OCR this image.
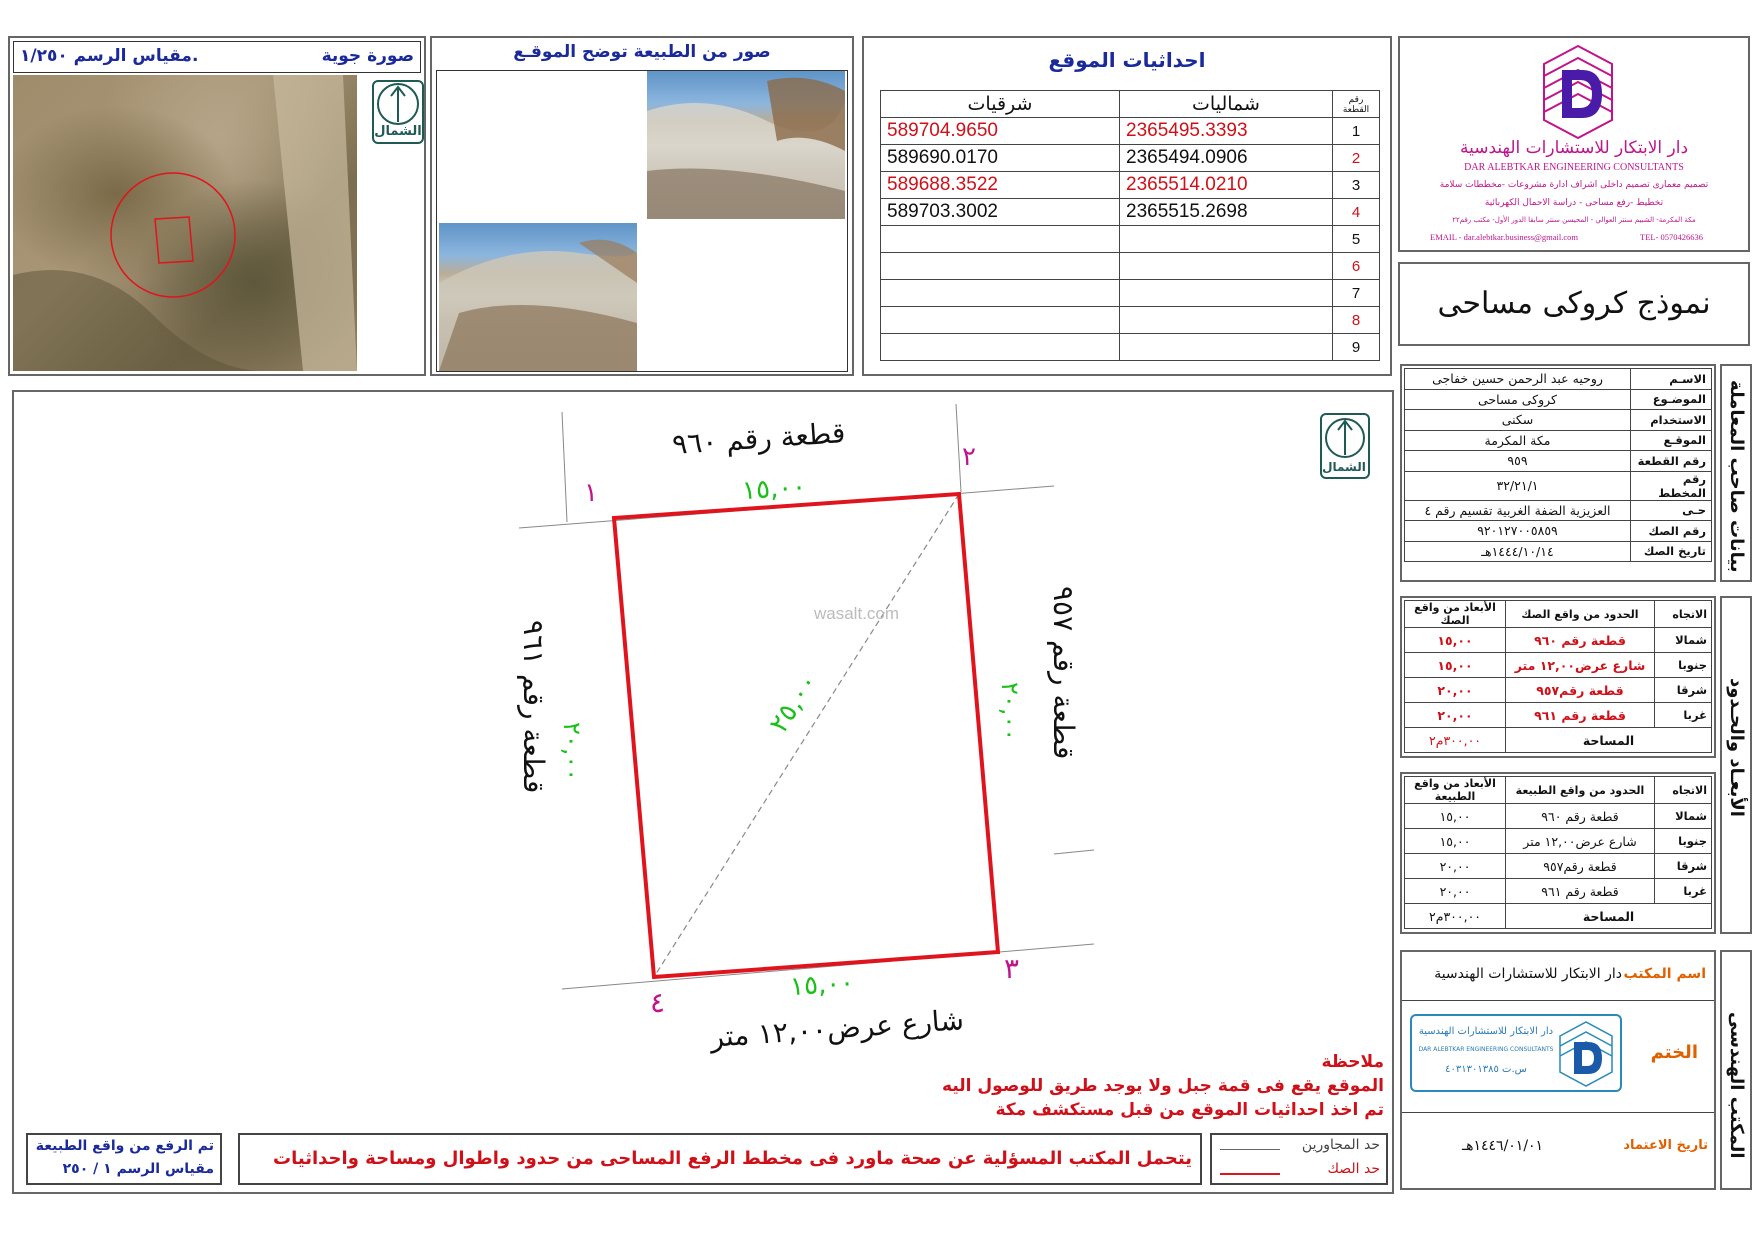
صورة جوية
مقياس الرسم ١/٢٥٠.
الشمال
صور من الطبيعة توضح الموقـع	احداثيات الموقع
رقم القطعة	شماليات	شرقيات
1	2365495.3393	589704.9650
2	2365494.0906	589690.0170
3	2365514.0210	589688.3522
4	2365515.2698	589703.3002
5		
6		
7		
8		
9		
دار الابتكار للاستشارات الهندسية
DAR ALEBTKAR ENGINEERING CONSULTANTS
تصميم معمارى تصميم داخلى اشراف ادارة مشروعات -مخططات سلامة
تخطيط -رفع مساحى - دراسة الاحمال الكهربائية
مكة المكرمة- الشبيم سنتر العوالي - المحيسن سنتر سابقا الدور الأول- مكتب رقم٢٢
EMAIL - dar.alebtkar.business@gmail.com	TEL- 0570426636
نموذج كروكى مساحى
الاسـم	روحيه عبد الرحمن حسين خفاجى
الموضـوع	كروكى مساحى
الاستخدام	سكنى
الموقـع	مكة المكرمة
رقم القطعة	٩٥٩
رقم المخطط	٣٢/٢١/١
حـى	العزيزية الضفة الغربية تقسيم رقم ٤
رقم الصك	٩٢٠١٢٧٠٠٥٨٥٩
تاريخ الصك	١٤٤٤/١٠/١٤هـ	بيانات صاحب المعاملة
الاتجاه	الحدود من واقع الصك	الأبعاد من واقع الصك
شمالا	قطعة رقم ٩٦٠	١٥,٠٠
جنوبا	شارع عرض١٢,٠٠ متر	١٥,٠٠
شرقا	قطعة رقم٩٥٧	٢٠,٠٠
غربا	قطعة رقم ٩٦١	٢٠,٠٠
المساحة		٣٠٠,٠٠م٢
الاتجاه	الحدود من واقع الطبيعة	الأبعاد من واقع الطبيعة
شمالا	قطعة رقم ٩٦٠	١٥,٠٠
جنوبا	شارع عرض١٢,٠٠ متر	١٥,٠٠
شرقا	قطعة رقم٩٥٧	٢٠,٠٠
غربا	قطعة رقم ٩٦١	٢٠,٠٠
المساحة		٣٠٠,٠٠م٢
الأبعـاد والحـدود
اسم المكتب
دار الابتكار للاستشارات الهندسية
الختم
دار الابتكار للاستشارات الهندسية
DAR ALEBTKAR ENGINEERING CONSULTANTS
س.ت ٤٠٣١٣٠١٣٨٥
تاريخ الاعتماد
١٤٤٦/٠١/٠١هـ	المكتب الهندسى
الشمال
wasalt.com
١
٢
٣
٤
١٥,٠٠
١٥,٠٠
٢٠,٠٠
٢٠,٠٠
٢٥,٠٠
قطعة رقم ٩٦٠
شارع عرض١٢,٠٠ متر
قطعة رقم ٩٦١
قطعة رقم ٩٥٧
ملاحظة
الموقع يقع فى قمة جبل ولا يوجد طريق للوصول اليه
تم اخذ احداثيات الموقع من قبل مستكشف مكة
تم الرفع من واقع الطبيعة
مقياس الرسم ١ / ٢٥٠	يتحمل المكتب المسؤلية عن صحة ماورد فى مخطط الرفع المساحى من حدود واطوال ومساحة واحداثيات
حد المجاورين
حد الصك
